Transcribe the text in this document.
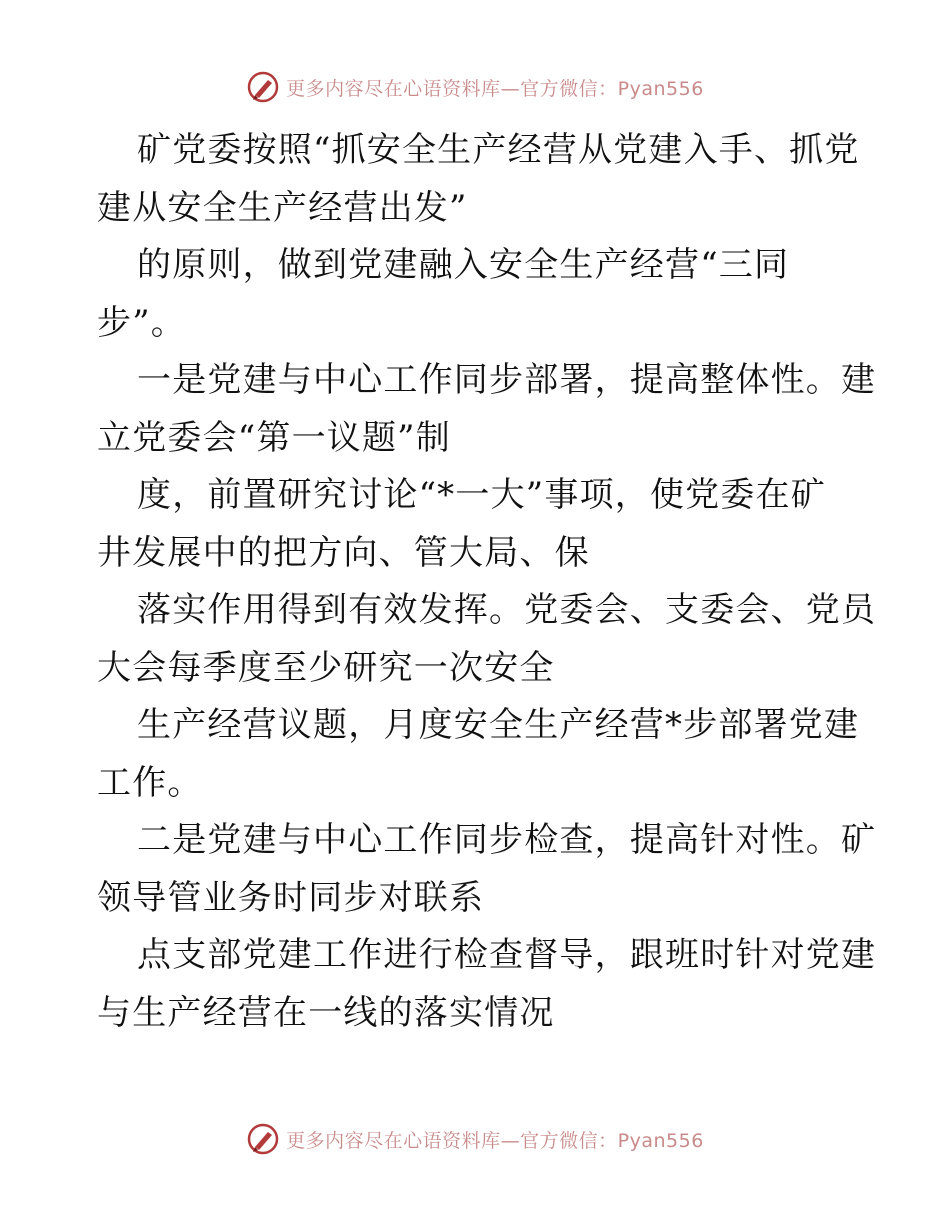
更多内容尽在心语资料库—官方微信：Pyan556
矿党委按照“抓安全生产经营从党建入手、抓党
建从安全生产经营出发”
的原则，做到党建融入安全生产经营“三同
步”。
一是党建与中心工作同步部署，提高整体性。建
立党委会“第一议题”制
度，前置研究讨论“*一大”事项，使党委在矿
井发展中的把方向、管大局、保
落实作用得到有效发挥。党委会、支委会、党员
大会每季度至少研究一次安全
生产经营议题，月度安全生产经营*步部署党建
工作。
二是党建与中心工作同步检查，提高针对性。矿
领导管业务时同步对联系
点支部党建工作进行检查督导，跟班时针对党建
与生产经营在一线的落实情况
更多内容尽在心语资料库—官方微信：Pyan556
